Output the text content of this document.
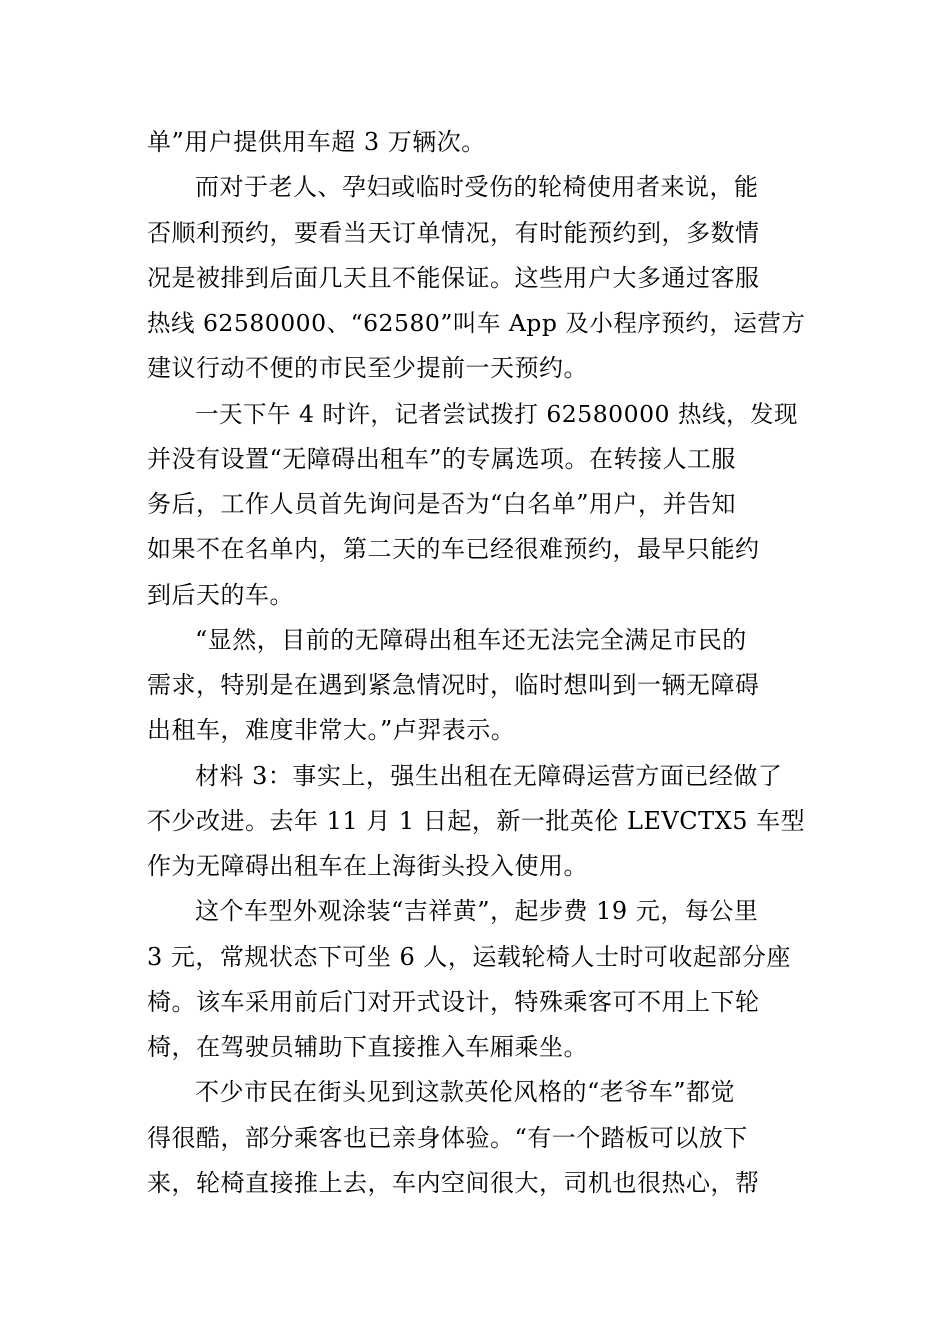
单”用户提供用车超 3 万辆次。
而对于老人、孕妇或临时受伤的轮椅使用者来说，能
否顺利预约，要看当天订单情况，有时能预约到，多数情
况是被排到后面几天且不能保证。这些用户大多通过客服
热线 62580000、“62580”叫车 App 及小程序预约，运营方
建议行动不便的市民至少提前一天预约。
一天下午 4 时许，记者尝试拨打 62580000 热线，发现
并没有设置“无障碍出租车”的专属选项。在转接人工服
务后，工作人员首先询问是否为“白名单”用户，并告知
如果不在名单内，第二天的车已经很难预约，最早只能约
到后天的车。
“显然，目前的无障碍出租车还无法完全满足市民的
需求，特别是在遇到紧急情况时，临时想叫到一辆无障碍
出租车，难度非常大。”卢羿表示。
材料 3：事实上，强生出租在无障碍运营方面已经做了
不少改进。去年 11 月 1 日起，新一批英伦 LEVCTX5 车型
作为无障碍出租车在上海街头投入使用。
这个车型外观涂装“吉祥黄”，起步费 19 元，每公里
3 元，常规状态下可坐 6 人，运载轮椅人士时可收起部分座
椅。该车采用前后门对开式设计，特殊乘客可不用上下轮
椅，在驾驶员辅助下直接推入车厢乘坐。
不少市民在街头见到这款英伦风格的“老爷车”都觉
得很酷，部分乘客也已亲身体验。“有一个踏板可以放下
来，轮椅直接推上去，车内空间很大，司机也很热心，帮
